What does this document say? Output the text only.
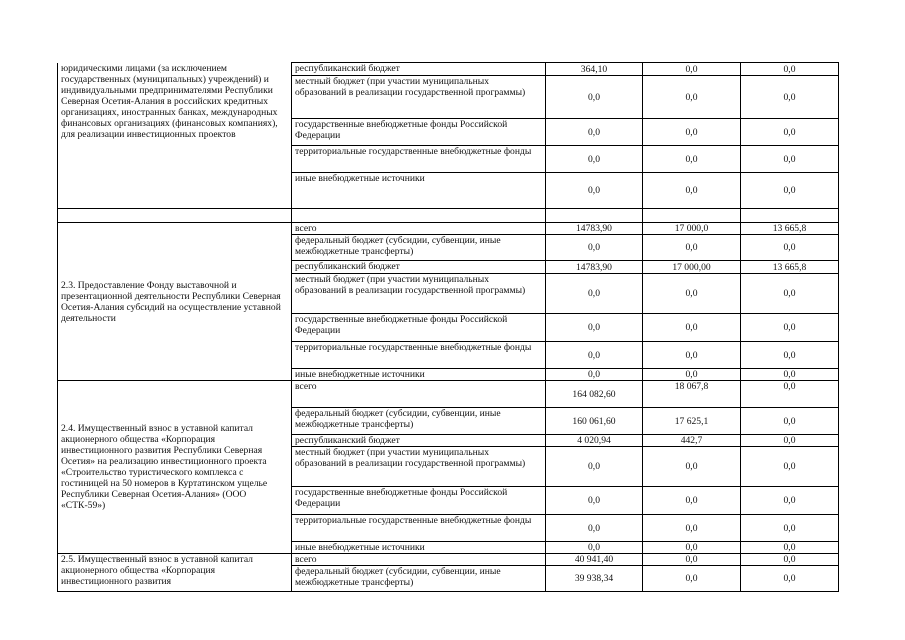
юридическими лицами (за исключением государственных (муниципальных) учреждений) и индивидуальными предпринимателями Республики Северная Осетия-Алания в российских кредитных организациях, иностранных банках, международных финансовых организациях (финансовых компаниях), для реализации инвестиционных проектов	республиканский бюджет	364,10	0,0	0,0
	местный бюджет (при участии муниципальных образований в реализации государственной программы)	0,0	0,0	0,0
	государственные внебюджетные фонды Российской Федерации	0,0	0,0	0,0
	территориальные государственные внебюджетные фонды	0,0	0,0	0,0
	иные внебюджетные источники	0,0	0,0	0,0

2.3. Предоставление Фонду выставочной и презентационной деятельности Республики Северная Осетия-Алания субсидий на осуществление уставной деятельности	всего	14783,90	17 000,0	13 665,8
	федеральный бюджет (субсидии, субвенции, иные межбюджетные трансферты)	0,0	0,0	0,0
	республиканский бюджет	14783,90	17 000,00	13 665,8
	местный бюджет (при участии муниципальных образований в реализации государственной программы)	0,0	0,0	0,0
	государственные внебюджетные фонды Российской Федерации	0,0	0,0	0,0
	территориальные государственные внебюджетные фонды	0,0	0,0	0,0
	иные внебюджетные источники	0,0	0,0	0,0
2.4. Имущественный взнос в уставной капитал акционерного общества «Корпорация инвестиционного развития Республики Северная Осетия» на реализацию инвестиционного проекта «Строительство туристического комплекса с гостиницей на 50 номеров в Куртатинском ущелье Республики Северная Осетия-Алания» (ООО «СТК-59»)	всего	164 082,60	18 067,8	0,0
	федеральный бюджет (субсидии, субвенции, иные межбюджетные трансферты)	160 061,60	17 625,1	0,0
	республиканский бюджет	4 020,94	442,7	0,0
	местный бюджет (при участии муниципальных образований в реализации государственной программы)	0,0	0,0	0,0
	государственные внебюджетные фонды Российской Федерации	0,0	0,0	0,0
	территориальные государственные внебюджетные фонды	0,0	0,0	0,0
	иные внебюджетные источники	0,0	0,0	0,0
2.5. Имущественный взнос в уставной капитал акционерного общества «Корпорация инвестиционного развития	всего	40 941,40	0,0	0,0
	федеральный бюджет (субсидии, субвенции, иные межбюджетные трансферты)	39 938,34	0,0	0,0
